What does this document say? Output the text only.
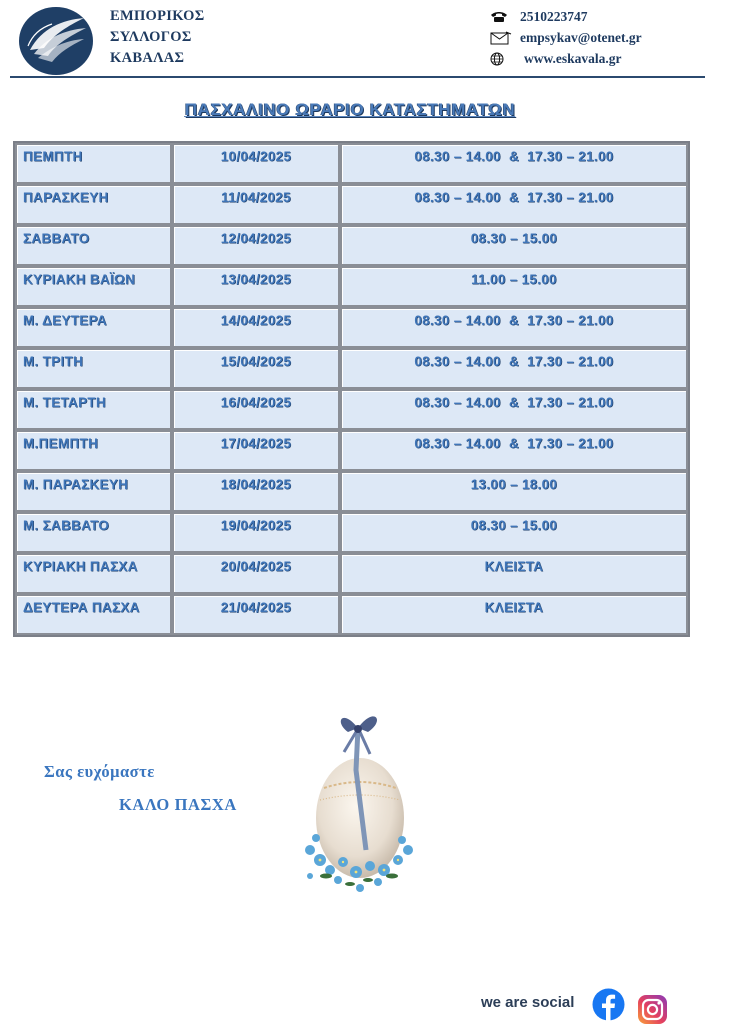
ΕΜΠΟΡΙΚΟΣ
ΣΥΛΛΟΓΟΣ
ΚΑΒΑΛΑΣ
2510223747
empsykav@otenet.gr
www.eskavala.gr
ΠΑΣΧΑΛΙΝΟ ΩΡΑΡΙΟ ΚΑΤΑΣΤΗΜΑΤΩΝ
ΠΕΜΠΤΗ	10/04/2025	08.30 – 14.00  &  17.30 – 21.00

ΠΑΡΑΣΚΕΥΗ	11/04/2025	08.30 – 14.00  &  17.30 – 21.00

ΣΑΒΒΑΤΟ	12/04/2025	08.30 – 15.00

ΚΥΡΙΑΚΗ ΒΑΪΩΝ	13/04/2025	11.00 – 15.00

Μ. ΔΕΥΤΕΡΑ	14/04/2025	08.30 – 14.00  &  17.30 – 21.00

Μ. ΤΡΙΤΗ	15/04/2025	08.30 – 14.00  &  17.30 – 21.00

Μ. ΤΕΤΑΡΤΗ	16/04/2025	08.30 – 14.00  &  17.30 – 21.00

Μ.ΠΕΜΠΤΗ	17/04/2025	08.30 – 14.00  &  17.30 – 21.00

Μ. ΠΑΡΑΣΚΕΥΗ	18/04/2025	13.00 – 18.00

Μ. ΣΑΒΒΑΤΟ	19/04/2025	08.30 – 15.00

ΚΥΡΙΑΚΗ ΠΑΣΧΑ	20/04/2025	ΚΛΕΙΣΤΑ

ΔΕΥΤΕΡΑ ΠΑΣΧΑ	21/04/2025	ΚΛΕΙΣΤΑ
Σας ευχόμαστε
ΚΑΛΟ ΠΑΣΧΑ
we are social
